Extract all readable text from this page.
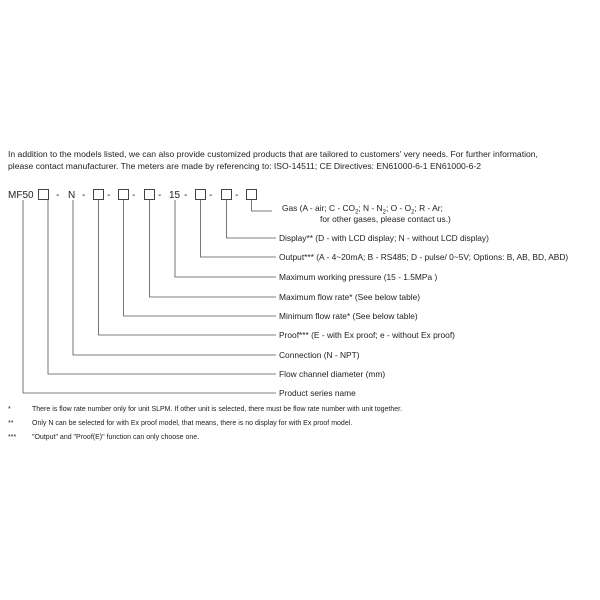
In addition to the models listed, we can also provide customized products that are tailored to customers' very needs. For further information,
please contact manufacturer. The meters are made by referencing to: ISO-14511; CE Directives: EN61000-6-1 EN61000-6-2
MF50 - N - - - - 15 - - -
Gas (A - air; C - $CO_2$; N - $N_2$; O - $O_2$; R - Ar;
for other gases, please contact us.)
Display** (D - with LCD display; N - without LCD display)
Output*** (A - 4~20mA; B - RS485; D - pulse/ 0~5V; Options: B, AB, BD, ABD)
Maximum working pressure (15 - 1.5MPa )
Maximum flow rate* (See below table)
Minimum flow rate* (See below table)
Proof*** (E - with Ex proof; e - without Ex proof)
Connection (N - NPT)
Flow channel diameter (mm)
Product series name
*	There is flow rate number only for unit SLPM. If other unit is selected, there must be flow rate number with unit together.
**	Only N can be selected for with Ex proof model, that means, there is no display for with Ex proof model.
*** "Output" and "Proof(E)" function can only choose one.
